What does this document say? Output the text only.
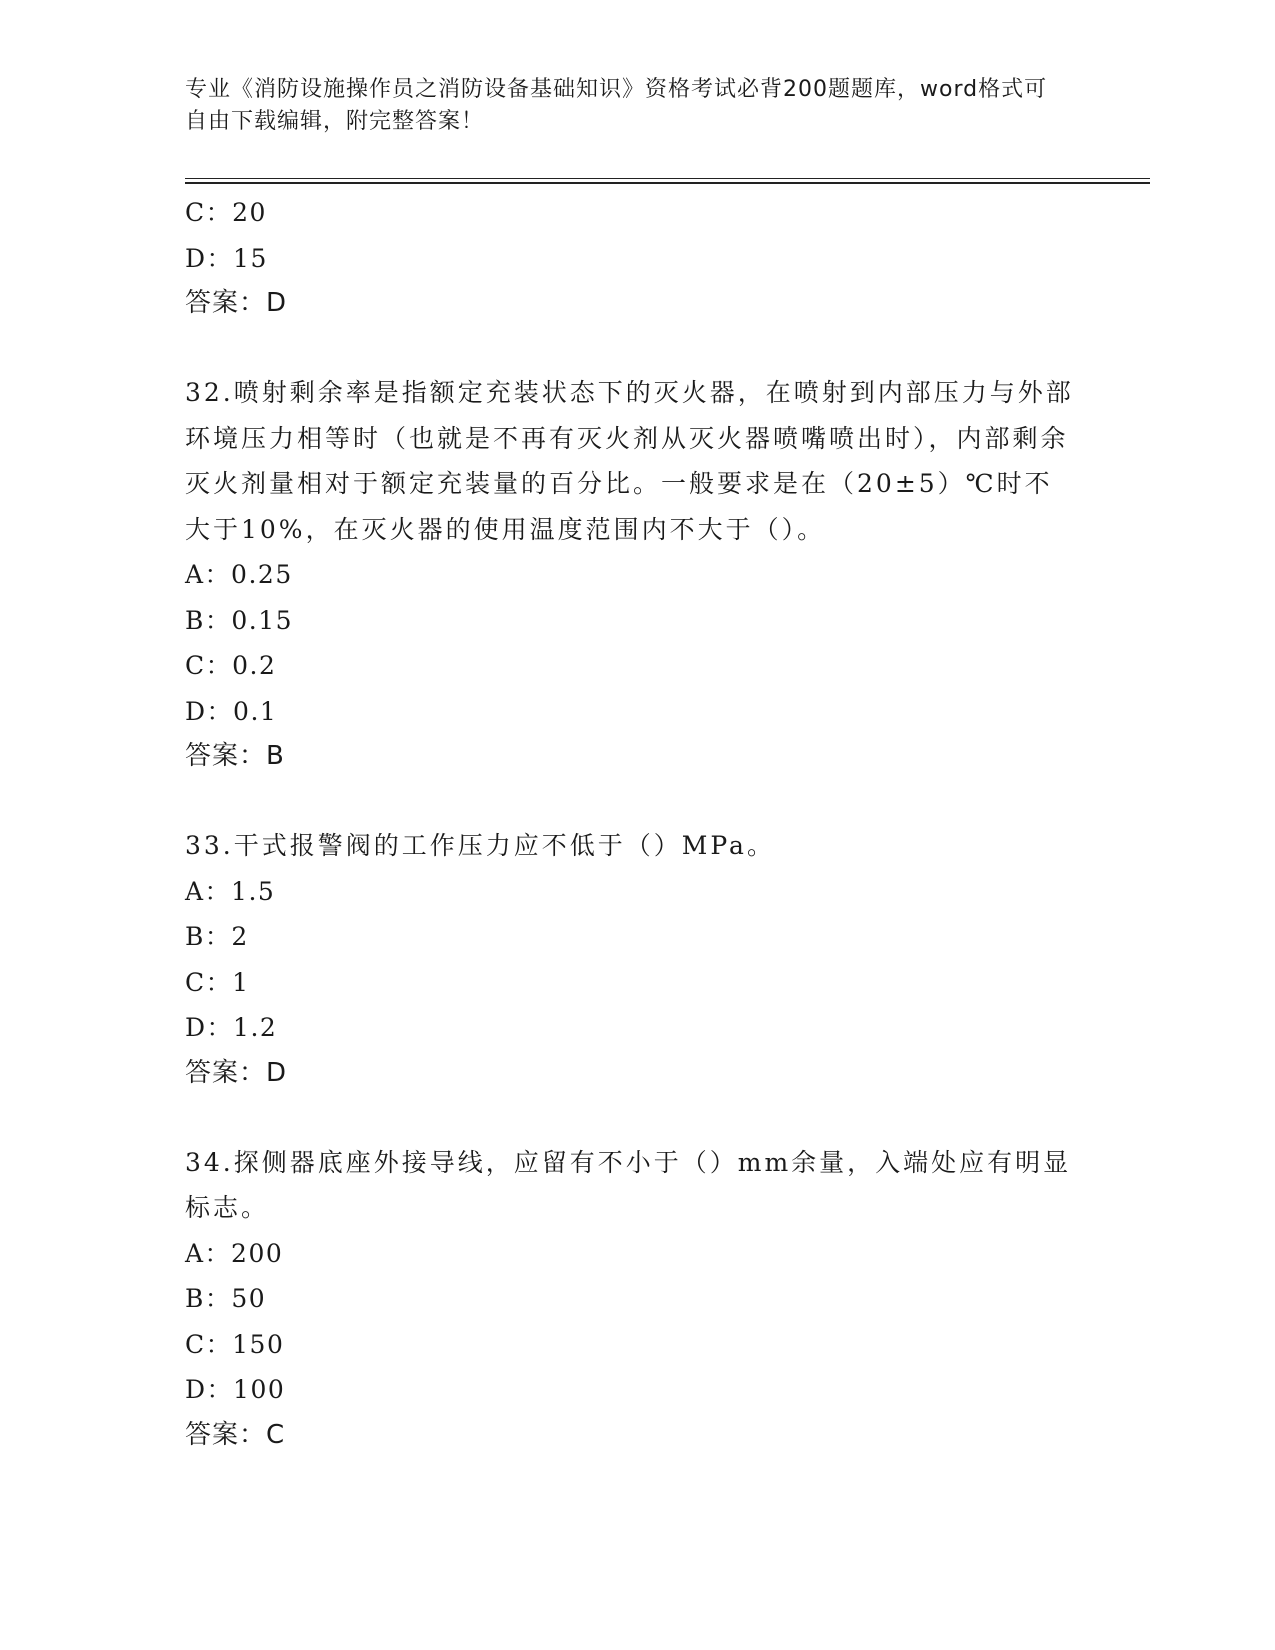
专业《消防设施操作员之消防设备基础知识》资格考试必背200题题库，word格式可自由下载编辑，附完整答案！
C：20
D：15
答案：D
32.喷射剩余率是指额定充装状态下的灭火器，在喷射到内部压力与外部环境压力相等时（也就是不再有灭火剂从灭火器喷嘴喷出时），内部剩余灭火剂量相对于额定充装量的百分比。一般要求是在（20±5）℃时不大于10%，在灭火器的使用温度范围内不大于（）。
A：0.25
B：0.15
C：0.2
D：0.1
答案：B
33.干式报警阀的工作压力应不低于（）MPa。
A：1.5
B：2
C：1
D：1.2
答案：D
34.探侧器底座外接导线，应留有不小于（）mm余量，入端处应有明显标志。
A：200
B：50
C：150
D：100
答案：C
